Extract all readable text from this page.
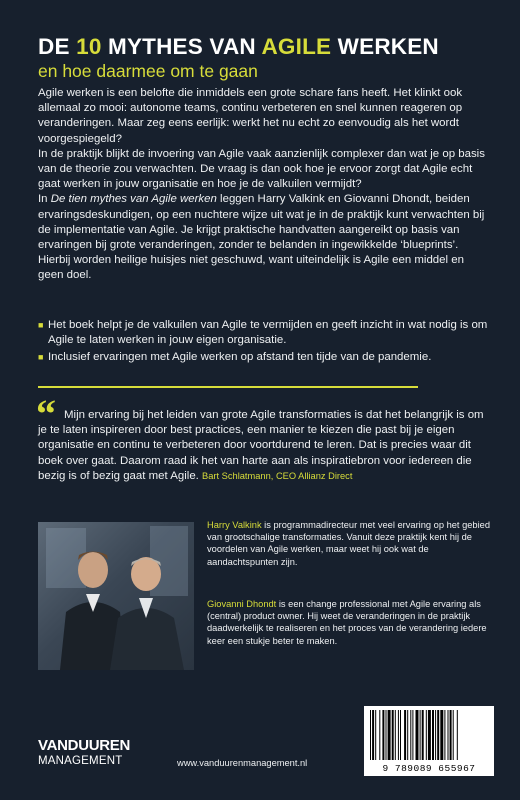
DE 10 MYTHES VAN AGILE WERKEN
en hoe daarmee om te gaan

Agile werken is een belofte die inmiddels een grote schare fans heeft. Het klinkt ook allemaal zo mooi: autonome teams, continu verbeteren en snel kunnen reageren op veranderingen. Maar zeg eens eerlijk: werkt het nu echt zo eenvoudig als het wordt voorgespiegeld?

In de praktijk blijkt de invoering van Agile vaak aanzienlijk complexer dan wat je op basis van de theorie zou verwachten. De vraag is dan ook hoe je ervoor zorgt dat Agile echt gaat werken in jouw organisatie en hoe je de valkuilen vermijdt?

In De tien mythes van Agile werken leggen Harry Valkink en Giovanni Dhondt, beiden ervaringsdeskundigen, op een nuchtere wijze uit wat je in de praktijk kunt verwachten bij de implementatie van Agile. Je krijgt praktische handvatten aangereikt op basis van ervaringen bij grote veranderingen, zonder te belanden in ingewikkelde ‘blueprints’. Hierbij worden heilige huisjes niet geschuwd, want uiteindelijk is Agile een middel en geen doel.

■ Het boek helpt je de valkuilen van Agile te vermijden en geeft inzicht in wat nodig is om Agile te laten werken in jouw eigen organisatie.
■ Inclusief ervaringen met Agile werken op afstand ten tijde van de pandemie.
“ Mijn ervaring bij het leiden van grote Agile transformaties is dat het belangrijk is om je te laten inspireren door best practices, een manier te kiezen die past bij je eigen organisatie en continu te verbeteren door voortdurend te leren. Dat is precies waar dit boek over gaat. Daarom raad ik het van harte aan als inspiratiebron voor iedereen die bezig is of bezig gaat met Agile. Bart Schlatmann, CEO Allianz Direct
Harry Valkink is programmadirecteur met veel ervaring op het gebied van grootschalige transformaties. Vanuit deze praktijk kent hij de voordelen van Agile werken, maar weet hij ook wat de aandachtspunten zijn.
Giovanni Dhondt is een change professional met Agile ervaring als (central) product owner. Hij weet de veranderingen in de praktijk daadwerkelijk te realiseren en het proces van de verandering iedere keer een stukje beter te maken.
VANDUUREN
MANAGEMENT	www.vanduurenmanagement.nl	9 789089 655967
